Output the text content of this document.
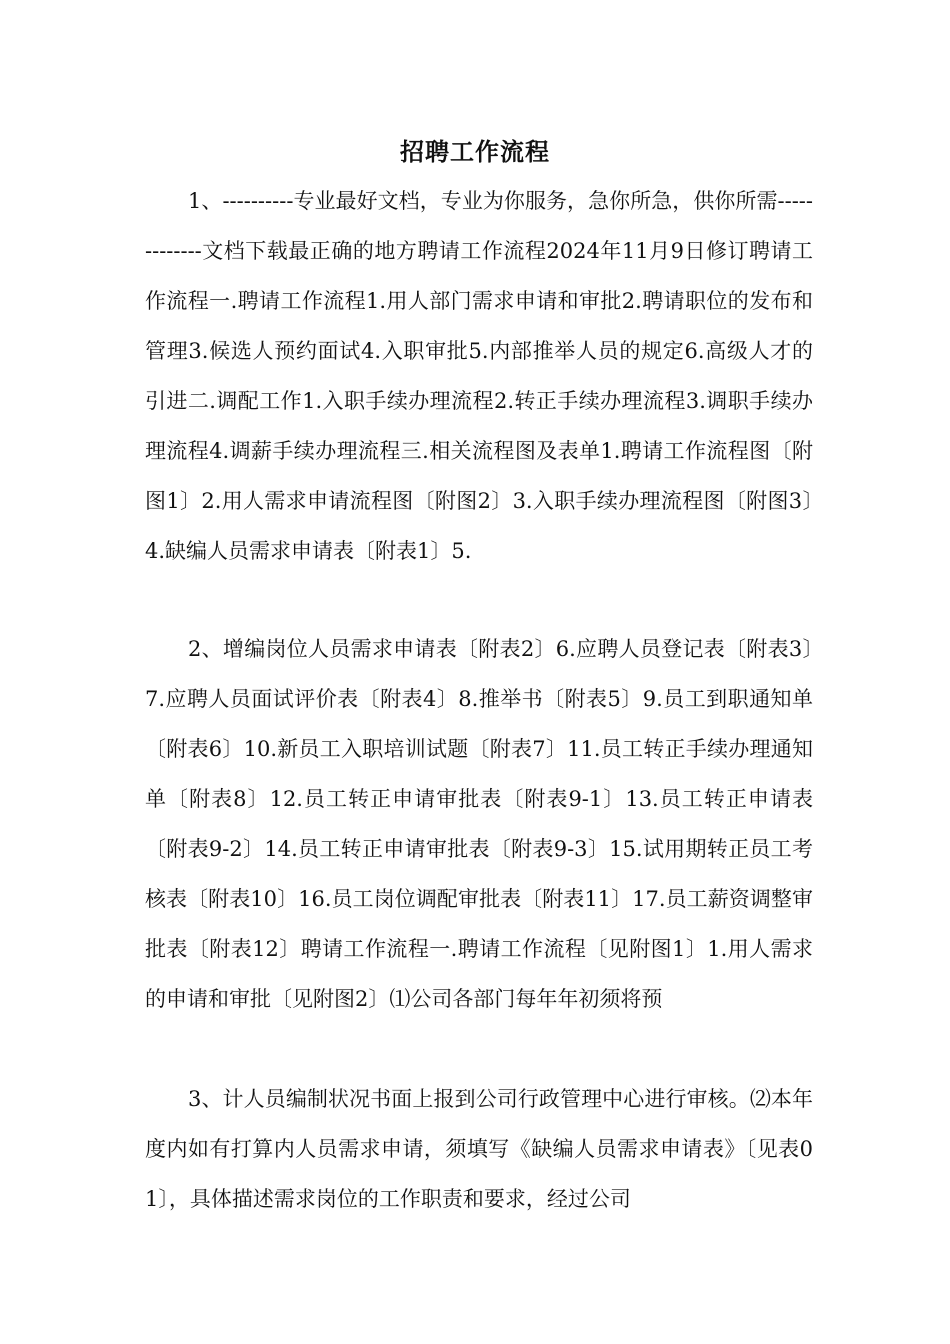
招聘工作流程

1、----------专业最好文档，专业为你服务，急你所急，供你所需-------------文档下载最正确的地方聘请工作流程2024年11月9日修订聘请工作流程一.聘请工作流程1.用人部门需求申请和审批2.聘请职位的发布和管理3.候选人预约面试4.入职审批5.内部推举人员的规定6.高级人才的引进二.调配工作1.入职手续办理流程2.转正手续办理流程3.调职手续办理流程4.调薪手续办理流程三.相关流程图及表单1.聘请工作流程图〔附图1〕2.用人需求申请流程图〔附图2〕3.入职手续办理流程图〔附图3〕4.缺编人员需求申请表〔附表1〕5.

2、增编岗位人员需求申请表〔附表2〕6.应聘人员登记表〔附表3〕7.应聘人员面试评价表〔附表4〕8.推举书〔附表5〕9.员工到职通知单〔附表6〕10.新员工入职培训试题〔附表7〕11.员工转正手续办理通知单〔附表8〕12.员工转正申请审批表〔附表9-1〕13.员工转正申请表〔附表9-2〕14.员工转正申请审批表〔附表9-3〕15.试用期转正员工考核表〔附表10〕16.员工岗位调配审批表〔附表11〕17.员工薪资调整审批表〔附表12〕聘请工作流程一.聘请工作流程〔见附图1〕1.用人需求的申请和审批〔见附图2〕⑴公司各部门每年年初须将预

3、计人员编制状况书面上报到公司行政管理中心进行审核。⑵本年度内如有打算内人员需求申请，须填写《缺编人员需求申请表》〔见表01〕，具体描述需求岗位的工作职责和要求，经过公司
